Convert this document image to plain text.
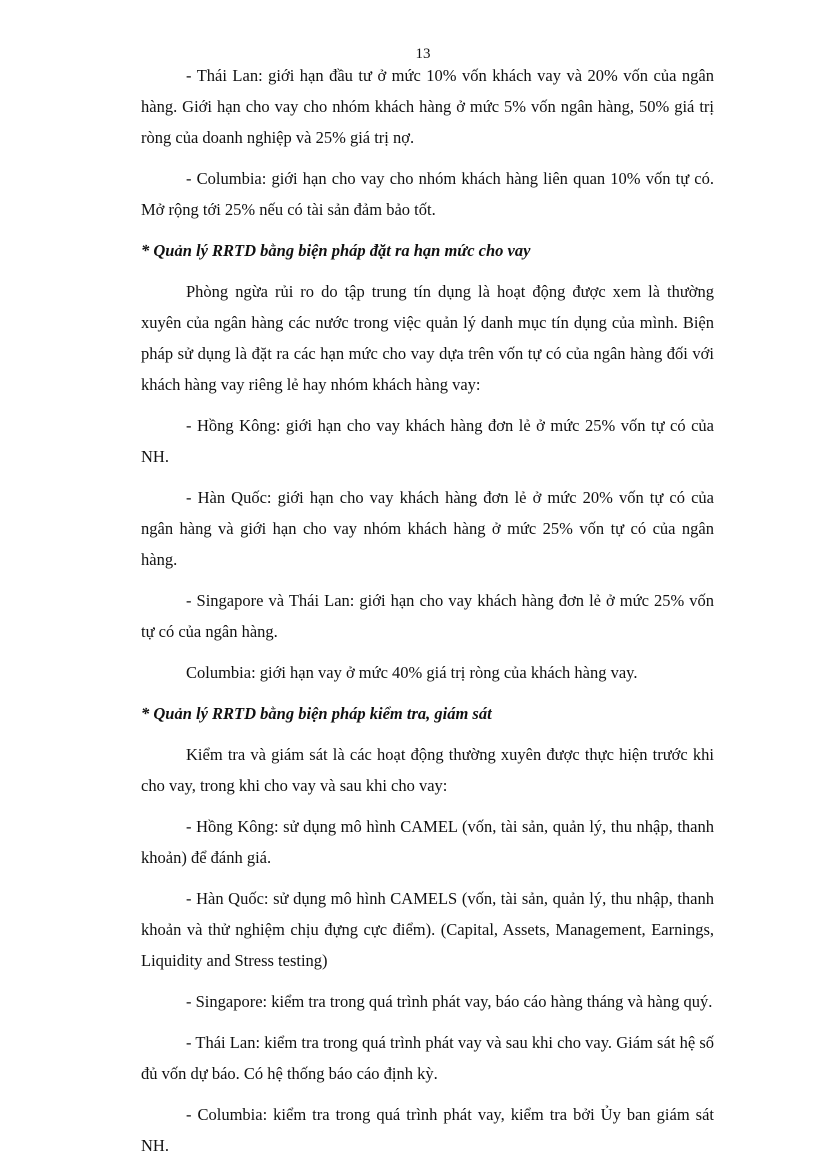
13

- Thái Lan: giới hạn đầu tư ở mức 10% vốn khách vay và 20% vốn của ngân hàng. Giới hạn cho vay cho nhóm khách hàng ở mức 5% vốn ngân hàng, 50% giá trị ròng của doanh nghiệp và 25% giá trị nợ.

- Columbia: giới hạn cho vay cho nhóm khách hàng liên quan 10% vốn tự có. Mở rộng tới 25% nếu có tài sản đảm bảo tốt.

* Quản lý RRTD bằng biện pháp đặt ra hạn mức cho vay

Phòng ngừa rủi ro do tập trung tín dụng là hoạt động được xem là thường xuyên của ngân hàng các nước trong việc quản lý danh mục tín dụng của mình. Biện pháp sử dụng là đặt ra các hạn mức cho vay dựa trên vốn tự có của ngân hàng đối với khách hàng vay riêng lẻ hay nhóm khách hàng vay:

- Hồng Kông: giới hạn cho vay khách hàng đơn lẻ ở mức 25% vốn tự có của NH.

- Hàn Quốc: giới hạn cho vay khách hàng đơn lẻ ở mức 20% vốn tự có của ngân hàng và giới hạn cho vay nhóm khách hàng ở mức 25% vốn tự có của ngân hàng.

- Singapore và Thái Lan: giới hạn cho vay khách hàng đơn lẻ ở mức 25% vốn tự có của ngân hàng.

Columbia: giới hạn vay ở mức 40% giá trị ròng của khách hàng vay.

* Quản lý RRTD bằng biện pháp kiểm tra, giám sát

Kiểm tra và giám sát là các hoạt động thường xuyên được thực hiện trước khi cho vay, trong khi cho vay và sau khi cho vay:

- Hồng Kông: sử dụng mô hình CAMEL (vốn, tài sản, quản lý, thu nhập, thanh khoản) để đánh giá.

- Hàn Quốc: sử dụng mô hình CAMELS (vốn, tài sản, quản lý, thu nhập, thanh khoản và thử nghiệm chịu đựng cực điểm). (Capital, Assets, Management, Earnings, Liquidity and Stress testing)

- Singapore: kiểm tra trong quá trình phát vay, báo cáo hàng tháng và hàng quý.

- Thái Lan: kiểm tra trong quá trình phát vay và sau khi cho vay. Giám sát hệ số đủ vốn dự báo. Có hệ thống báo cáo định kỳ.

- Columbia: kiểm tra trong quá trình phát vay, kiểm tra bởi Ủy ban giám sát NH.
